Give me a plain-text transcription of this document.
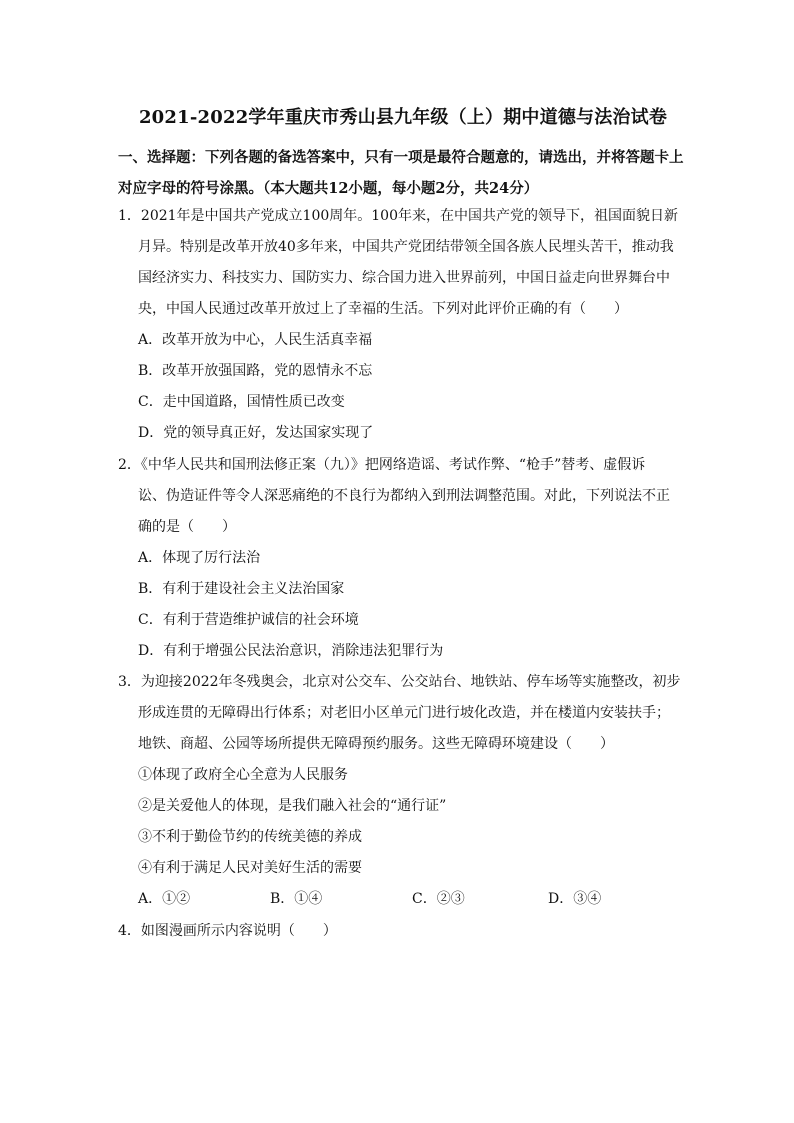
2021-2022学年重庆市秀山县九年级（上）期中道德与法治试卷
一、选择题：下列各题的备选答案中，只有一项是最符合题意的，请选出，并将答题卡上
对应字母的符号涂黑。（本大题共12小题，每小题2分，共24分）
1．2021年是中国共产党成立100周年。100年来，在中国共产党的领导下，祖国面貌日新
月异。特别是改革开放40多年来，中国共产党团结带领全国各族人民埋头苦干，推动我
国经济实力、科技实力、国防实力、综合国力进入世界前列，中国日益走向世界舞台中
央，中国人民通过改革开放过上了幸福的生活。下列对此评价正确的有（　　）
A．改革开放为中心，人民生活真幸福
B．改革开放强国路，党的恩情永不忘
C．走中国道路，国情性质已改变
D．党的领导真正好，发达国家实现了
2．《中华人民共和国刑法修正案（九）》把网络造谣、考试作弊、“枪手”替考、虚假诉
讼、伪造证件等令人深恶痛绝的不良行为都纳入到刑法调整范围。对此，下列说法不正
确的是（　　）
A．体现了厉行法治
B．有利于建设社会主义法治国家
C．有利于营造维护诚信的社会环境
D．有利于增强公民法治意识，消除违法犯罪行为
3．为迎接2022年冬残奥会，北京对公交车、公交站台、地铁站、停车场等实施整改，初步
形成连贯的无障碍出行体系；对老旧小区单元门进行坡化改造，并在楼道内安装扶手；
地铁、商超、公园等场所提供无障碍预约服务。这些无障碍环境建设（　　）
①体现了政府全心全意为人民服务
②是关爱他人的体现，是我们融入社会的“通行证”
③不利于勤俭节约的传统美德的养成
④有利于满足人民对美好生活的需要
A．①②	B．①④	C．②③	D．③④
4．如图漫画所示内容说明（　　）
